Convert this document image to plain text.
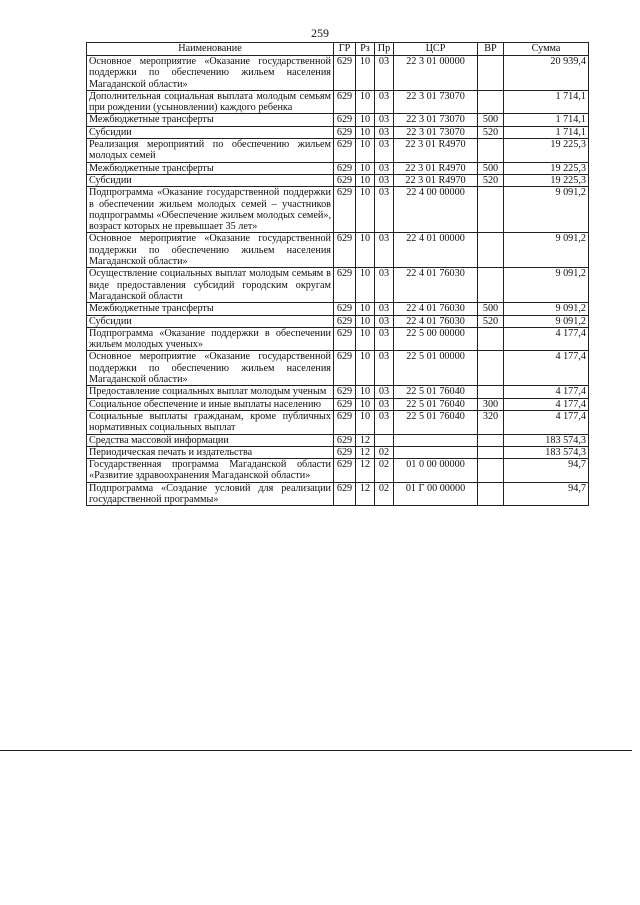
259
Наименование	ГР	Рз	Пр	ЦСР	ВР	Сумма
Основное мероприятие «Оказание государственной поддержки по обеспечению жильем населения Магаданской области»	629	10	03	22 3 01 00000		20 939,4
Дополнительная социальная выплата молодым семьям при рождении (усыновлении) каждого ребенка	629	10	03	22 3 01 73070		1 714,1
Межбюджетные трансферты	629	10	03	22 3 01 73070	500	1 714,1
Субсидии	629	10	03	22 3 01 73070	520	1 714,1
Реализация мероприятий по обеспечению жильем молодых семей	629	10	03	22 3 01 R4970		19 225,3
Межбюджетные трансферты	629	10	03	22 3 01 R4970	500	19 225,3
Субсидии	629	10	03	22 3 01 R4970	520	19 225,3
Подпрограмма «Оказание государственной поддержки в обеспечении жильем молодых семей – участников подпрограммы «Обеспечение жильем молодых семей», возраст которых не превышает 35 лет»	629	10	03	22 4 00 00000		9 091,2
Основное мероприятие «Оказание государственной поддержки по обеспечению жильем населения Магаданской области»	629	10	03	22 4 01 00000		9 091,2
Осуществление социальных выплат молодым семьям в виде предоставления субсидий городским округам Магаданской области	629	10	03	22 4 01 76030		9 091,2
Межбюджетные трансферты	629	10	03	22 4 01 76030	500	9 091,2
Субсидии	629	10	03	22 4 01 76030	520	9 091,2
Подпрограмма «Оказание поддержки в обеспечении жильем молодых ученых»	629	10	03	22 5 00 00000		4 177,4
Основное мероприятие «Оказание государственной поддержки по обеспечению жильем населения Магаданской области»	629	10	03	22 5 01 00000		4 177,4
Предоставление социальных выплат молодым ученым	629	10	03	22 5 01 76040		4 177,4
Социальное обеспечение и иные выплаты населению	629	10	03	22 5 01 76040	300	4 177,4
Социальные выплаты гражданам, кроме публичных нормативных социальных выплат	629	10	03	22 5 01 76040	320	4 177,4
Средства массовой информации	629	12				183 574,3
Периодическая печать и издательства	629	12	02			183 574,3
Государственная программа Магаданской области «Развитие здравоохранения Магаданской области»	629	12	02	01 0 00 00000		94,7
Подпрограмма «Создание условий для реализации государственной программы»	629	12	02	01 Г 00 00000		94,7
